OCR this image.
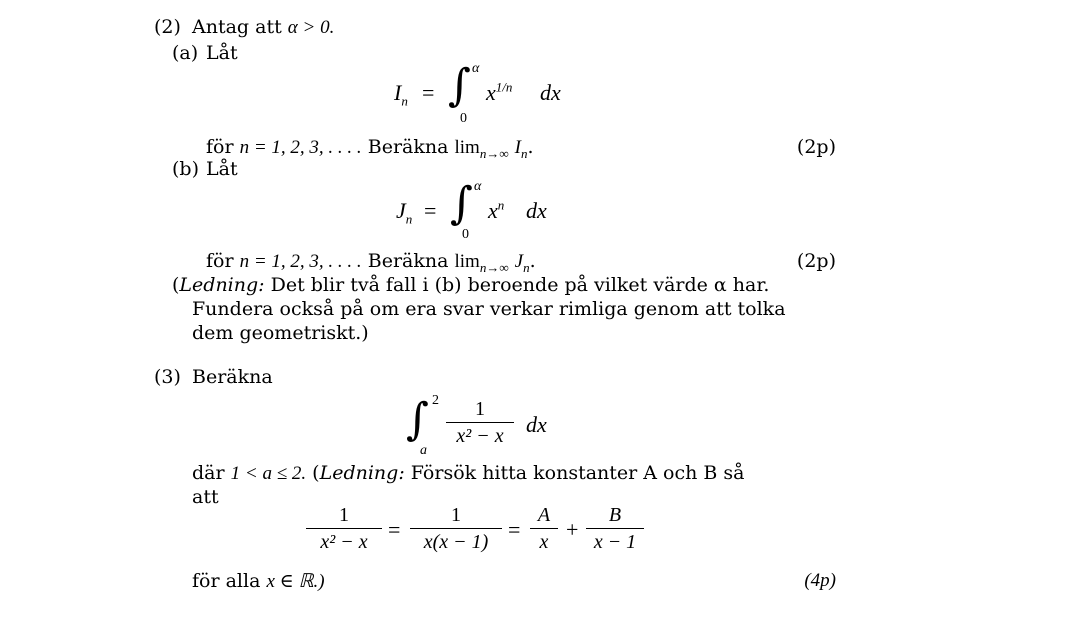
(2) Antag att α > 0.
(a) Låt
$I_n$ = ∫ α
0
$x^{1/n}$ dx
för n = 1, 2, 3, . . . . Beräkna $\lim_{n\to\infty} I_n$.	(2p)
(b) Låt
$J_n$ = ∫ α
0
$x^n$ dx
för n = 1, 2, 3, . . . . Beräkna $\lim_{n\to\infty} J_n$.	(2p)
(Ledning: Det blir två fall i (b) beroende på vilket värde α har.
Fundera också på om era svar verkar rimliga genom att tolka
dem geometriskt.)
(3) Beräkna
∫ 2
a
1
x² − x	dx
där 1 < a ≤ 2. (Ledning: Försök hitta konstanter A och B så
att
1
x² − x =
1
x(x − 1) =
A
x +
B
x − 1
för alla x ∈ ℝ.)	(4p)
